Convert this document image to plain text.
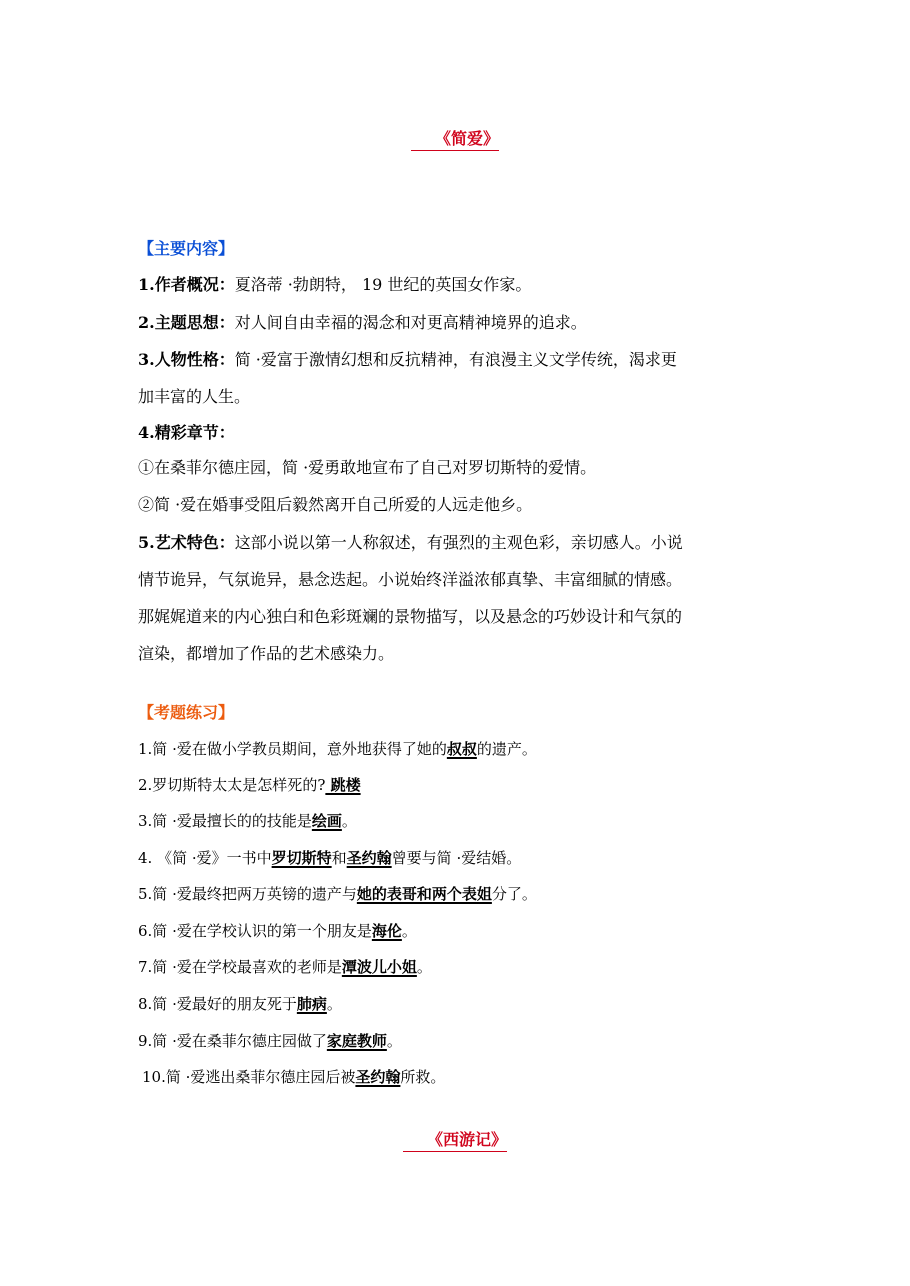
《简爱》
【主要内容】
1.作者概况：夏洛蒂 ·勃朗特， 19 世纪的英国女作家。
2.主题思想：对人间自由幸福的渴念和对更高精神境界的追求。
3.人物性格：简 ·爱富于激情幻想和反抗精神，有浪漫主义文学传统，渴求更
加丰富的人生。
4.精彩章节：
①在桑菲尔德庄园，简 ·爱勇敢地宣布了自己对罗切斯特的爱情。
②简 ·爱在婚事受阻后毅然离开自己所爱的人远走他乡。
5.艺术特色：这部小说以第一人称叙述，有强烈的主观色彩，亲切感人。小说
情节诡异，气氛诡异，悬念迭起。小说始终洋溢浓郁真挚、丰富细腻的情感。
那娓娓道来的内心独白和色彩斑斓的景物描写，以及悬念的巧妙设计和气氛的
渲染，都增加了作品的艺术感染力。
【考题练习】
1.简 ·爱在做小学教员期间，意外地获得了她的叔叔的遗产。
2.罗切斯特太太是怎样死的? 跳楼
3.简 ·爱最擅长的的技能是绘画。
4. 《简 ·爱》一书中罗切斯特和圣约翰曾要与简 ·爱结婚。
5.简 ·爱最终把两万英镑的遗产与她的表哥和两个表姐分了。
6.简 ·爱在学校认识的第一个朋友是海伦。
7.简 ·爱在学校最喜欢的老师是潭波儿小姐。
8.简 ·爱最好的朋友死于肺病。
9.简 ·爱在桑菲尔德庄园做了家庭教师。
10.简 ·爱逃出桑菲尔德庄园后被圣约翰所救。
《西游记》
